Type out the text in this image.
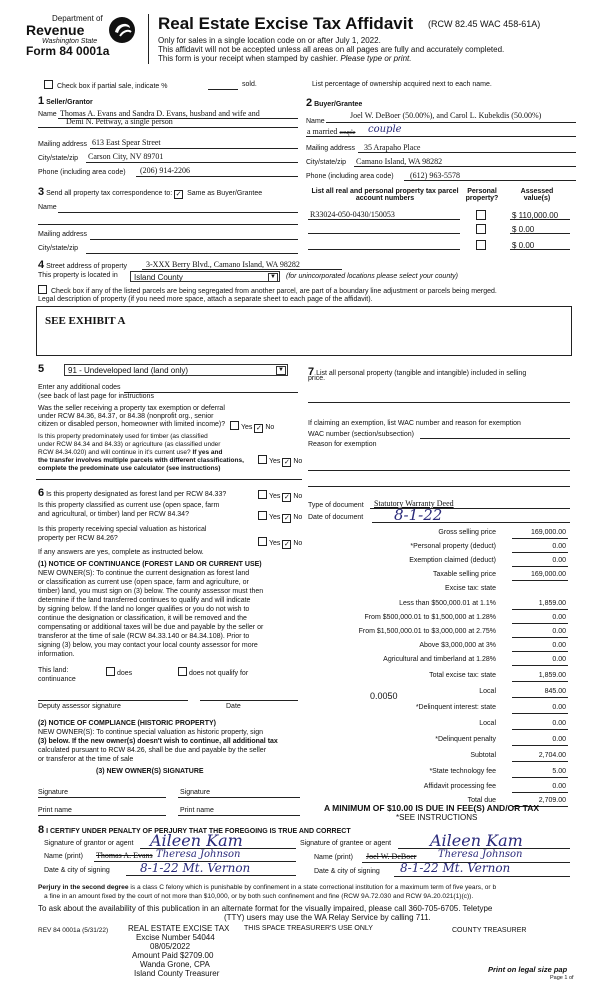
Department of
Revenue
Washington State
Form 84 0001a
Real Estate Excise Tax Affidavit (RCW 82.45 WAC 458-61A)
Only for sales in a single location code on or after July 1, 2022.
This affidavit will not be accepted unless all areas on all pages are fully and accurately completed.
This form is your receipt when stamped by cashier. Please type or print.
Check box if partial sale, indicate %	sold.	List percentage of ownership acquired next to each name.
1 Seller/Grantor
Name Thomas A. Evans and Sandra D. Evans, husband and wife and
Demi N. Pettway, a single person
Mailing address 613 East Spear Street
City/state/zip Carson City, NV 89701
Phone (including area code) (206) 914-2206
2 Buyer/Grantee
Joel W. DeBoer (50.00%), and Carol L. Kubekdis (50.00%)
Name
a married couple couple
Mailing address 35 Arapaho Place
City/state/zip Camano Island, WA 98282
Phone (including area code) (612) 963-5578
3 Send all property tax correspondence to: ✓ Same as Buyer/Grantee
Name
Mailing address
City/state/zip
List all real and personal property tax parcel account numbers
Personal property?
Assessed value(s)
R33024-050-0430/150053	$ 110,000.00
$ 0.00
$ 0.00
4 Street address of property 3-XXX Berry Blvd., Camano Island, WA 98282
This property is located in	Island County	▼ (for unincorporated locations please select your county)
Check box if any of the listed parcels are being segregated from another parcel, are part of a boundary line adjustment or parcels being merged.
Legal description of property (if you need more space, attach a separate sheet to each page of the affidavit).
SEE EXHIBIT A
5	91 - Undeveloped land (land only)	▼
Enter any additional codes
(see back of last page for instructions
Was the seller receiving a property tax exemption or deferral
under RCW 84.36, 84.37, or 84.38 (nonprofit org., senior
citizen or disabled person, homeowner with limited income)?	Yes ✓ No
Is this property predominately used for timber (as classified
under RCW 84.34 and 84.33) or agriculture (as classified under
RCW 84.34.020) and will continue in it's current use? If yes and
the transfer involves multiple parcels with different classifications,
complete the predominate use calculator (see instructions)
Yes ✓ No
6 Is this property designated as forest land per RCW 84.33?	Yes ✓ No
Is this property classified as current use (open space, farm
and agricultural, or timber) land per RCW 84.34?	Yes ✓ No
Is this property receiving special valuation as historical
property per RCW 84.26?
Yes ✓ No
If any answers are yes, complete as instructed below.
(1) NOTICE OF CONTINUANCE (FOREST LAND OR CURRENT USE)
NEW OWNER(S): To continue the current designation as forest land
or classification as current use (open space, farm and agriculture, or
timber) land, you must sign on (3) below. The county assessor must then
determine if the land transferred continues to qualify and will indicate
by signing below. If the land no longer qualifies or you do not wish to
continue the designation or classification, it will be removed and the
compensating or additional taxes will be due and payable by the seller or
transferor at the time of sale (RCW 84.33.140 or 84.34.108). Prior to
signing (3) below, you may contact your local county assessor for more
information.
This land:	does	does not qualify for
continuance
Deputy assessor signature	Date
(2) NOTICE OF COMPLIANCE (HISTORIC PROPERTY)
NEW OWNER(S): To continue special valuation as historic property, sign
(3) below. If the new owner(s) doesn't wish to continue, all additional tax
calculated pursuant to RCW 84.26, shall be due and payable by the seller
or transferor at the time of sale
(3) NEW OWNER(S) SIGNATURE
Signature	Signature
Print name	Print name
7 List all personal property (tangible and intangible) included in selling
price.
If claiming an exemption, list WAC number and reason for exemption
WAC number (section/subsection)
Reason for exemption
Type of document Statutory Warranty Deed
Date of document 8-1-22
Gross selling price	169,000.00
*Personal property (deduct)	0.00
Exemption claimed (deduct)	0.00
Taxable selling price	169,000.00
Excise tax: state
Less than $500,000.01 at 1.1%	1,859.00
From $500,000.01 to $1,500,000 at 1.28%	0.00
From $1,500,000.01 to $3,000,000 at 2.75%	0.00
Above $3,000,000 at 3%	0.00
Agricultural and timberland at 1.28%	0.00
Total excise tax: state	1,859.00
Local	845.00
*Delinquent interest: state	0.00
Local	0.00
*Delinquent penalty	0.00
Subtotal	2,704.00
*State technology fee	5.00
Affidavit processing fee	0.00
Total due	2,709.00
0.0050
A MINIMUM OF $10.00 IS DUE IN FEE(S) AND/OR TAX
*SEE INSTRUCTIONS
8 I CERTIFY UNDER PENALTY OF PERJURY THAT THE FOREGOING IS TRUE AND CORRECT
Signature of grantor or agent Aileen Kam
Name (print) Thomas A. Evans Theresa Johnson
Date & city of signing	8-1-22 Mt. Vernon
Signature of grantee or agent Aileen Kam
Name (print) Joel W. DeBoer Theresa Johnson
Date & city of signing 8-1-22 Mt. Vernon
Perjury in the second degree is a class C felony which is punishable by confinement in a state correctional institution for a maximum term of five years, or b
a fine in an amount fixed by the court of not more than $10,000, or by both such confinement and fine (RCW 9A.72.030 and RCW 9A.20.021(1)(c)).
To ask about the availability of this publication in an alternate format for the visually impaired, please call 360-705-6705. Teletype
(TTY) users may use the WA Relay Service by calling 711.
REV 84 0001a (5/31/22) REAL ESTATE EXCISE TAX
Excise Number 54044
08/05/2022
Amount Paid $2709.00
Wanda Grone, CPA
Island County Treasurer
THIS SPACE TREASURER'S USE ONLY	COUNTY TREASURER
Print on legal size pap
Page 1 of
